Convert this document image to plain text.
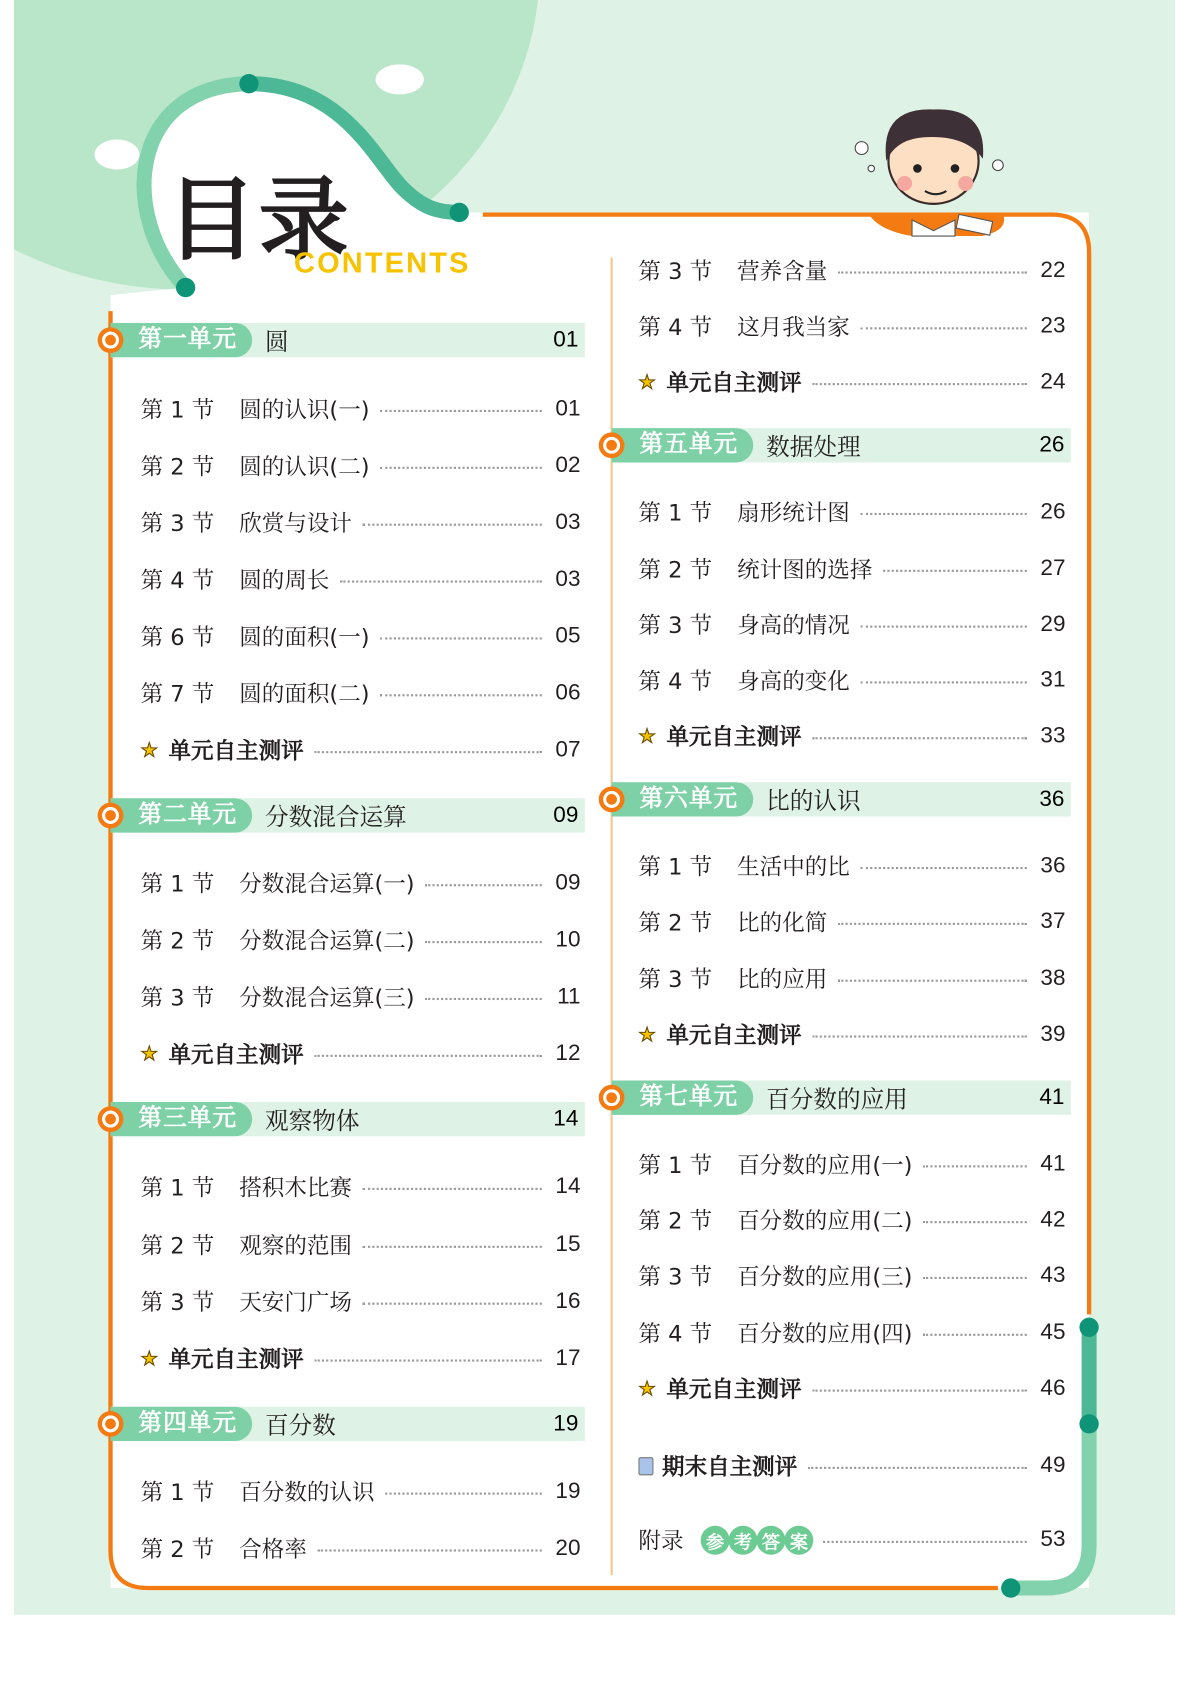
目录
CONTENTS
第一单元	圆	01
第 1 节	圆的认识(一)	01
第 2 节	圆的认识(二)	02
第 3 节	欣赏与设计	03
第 4 节	圆的周长	03
第 6 节	圆的面积(一)	05
第 7 节	圆的面积(二)	06
★ 单元自主测评	07
第二单元	分数混合运算	09
第 1 节	分数混合运算(一)	09
第 2 节	分数混合运算(二)	10
第 3 节	分数混合运算(三)	11
★ 单元自主测评	12
第三单元	观察物体	14
第 1 节	搭积木比赛	14
第 2 节	观察的范围	15
第 3 节	天安门广场	16
★ 单元自主测评	17
第四单元	百分数	19
第 1 节	百分数的认识	19
第 2 节	合格率	20
第 3 节	营养含量	22
第 4 节	这月我当家	23
★ 单元自主测评	24
第五单元	数据处理	26
第 1 节	扇形统计图	26
第 2 节	统计图的选择	27
第 3 节	身高的情况	29
第 4 节	身高的变化	31
★ 单元自主测评	33
第六单元	比的认识	36
第 1 节	生活中的比	36
第 2 节	比的化简	37
第 3 节	比的应用	38
★ 单元自主测评	39
第七单元	百分数的应用	41
第 1 节	百分数的应用(一)	41
第 2 节	百分数的应用(二)	42
第 3 节	百分数的应用(三)	43
第 4 节	百分数的应用(四)	45
★ 单元自主测评	46
期末自主测评	49
附录	参 考 答 案	53
